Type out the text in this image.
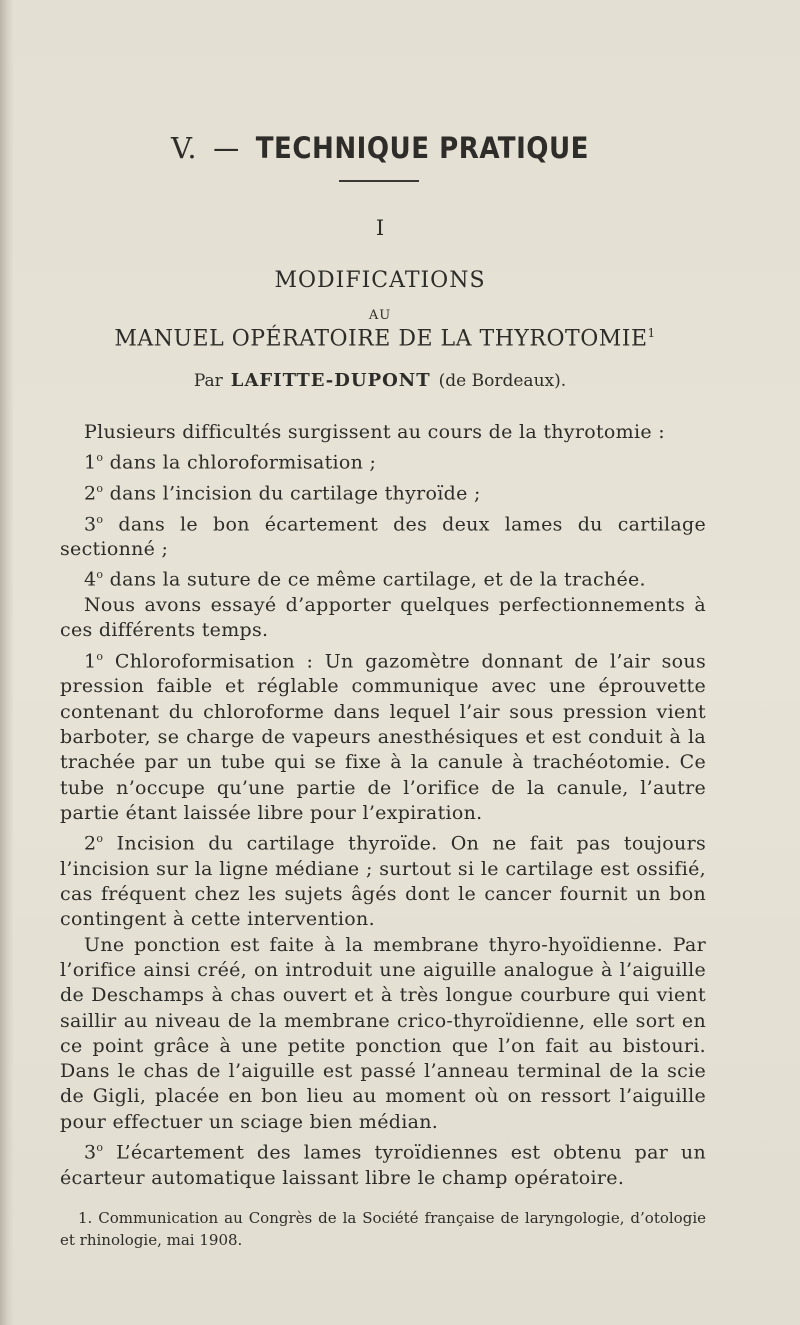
V. — TECHNIQUE PRATIQUE
I
MODIFICATIONS
AU
MANUEL OPÉRATOIRE DE LA THYROTOMIE$^1$
Par LAFITTE-DUPONT (de Bordeaux).

Plusieurs difficultés surgissent au cours de la thyrotomie :

1$^o$ dans la chloroformisation ;

2$^o$ dans l’incision du cartilage thyroïde ;

3$^o$ dans le bon écartement des deux lames du cartilage sectionné ;

4$^o$ dans la suture de ce même cartilage, et de la trachée.

Nous avons essayé d’apporter quelques perfectionnements à ces différents temps.

1$^o$ Chloroformisation : Un gazomètre donnant de l’air sous pression faible et réglable communique avec une éprouvette contenant du chloroforme dans lequel l’air sous pression vient barboter, se charge de vapeurs anesthésiques et est conduit à la trachée par un tube qui se fixe à la canule à trachéotomie. Ce tube n’occupe qu’une partie de l’orifice de la canule, l’autre partie étant laissée libre pour l’expiration.

2$^o$ Incision du cartilage thyroïde. On ne fait pas toujours l’incision sur la ligne médiane ; surtout si le cartilage est ossifié, cas fréquent chez les sujets âgés dont le cancer fournit un bon contingent à cette intervention.

Une ponction est faite à la membrane thyro-hyoïdienne. Par l’orifice ainsi créé, on introduit une aiguille analogue à l’aiguille de Deschamps à chas ouvert et à très longue courbure qui vient saillir au niveau de la membrane crico-thyroïdienne, elle sort en ce point grâce à une petite ponction que l’on fait au bistouri. Dans le chas de l’aiguille est passé l’anneau terminal de la scie de Gigli, placée en bon lieu au moment où on ressort l’aiguille pour effectuer un sciage bien médian.

3$^o$ L’écartement des lames tyroïdiennes est obtenu par un écarteur automatique laissant libre le champ opératoire.

1. Communication au Congrès de la Société française de laryngologie, d’otologie et rhinologie, mai 1908.
